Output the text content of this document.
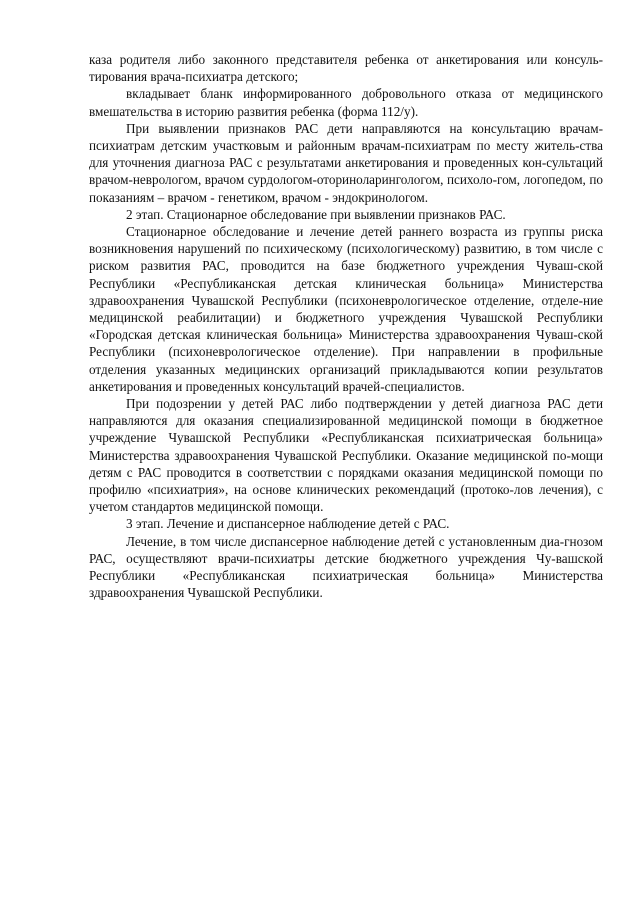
каза родителя либо законного представителя ребенка от анкетирования или консуль-тирования врача-психиатра детского;

вкладывает бланк информированного добровольного отказа от медицинского вмешательства в историю развития ребенка (форма 112/у).

При выявлении признаков РАС дети направляются на консультацию врачам-психиатрам детским участковым и районным врачам-психиатрам по месту житель-ства для уточнения диагноза РАС с результатами анкетирования и проведенных кон-сультаций врачом-неврологом, врачом сурдологом-оториноларингологом, психоло-гом, логопедом, по показаниям – врачом - генетиком, врачом - эндокринологом.

2 этап. Стационарное обследование при выявлении признаков РАС.

Стационарное обследование и лечение детей раннего возраста из группы риска возникновения нарушений по психическому (психологическому) развитию, в том числе с риском развития РАС, проводится на базе бюджетного учреждения Чуваш-ской Республики «Республиканская детская клиническая больница» Министерства здравоохранения Чувашской Республики (психоневрологическое отделение, отделе-ние медицинской реабилитации) и бюджетного учреждения Чувашской Республики «Городская детская клиническая больница» Министерства здравоохранения Чуваш-ской Республики (психоневрологическое отделение). При направлении в профильные отделения указанных медицинских организаций прикладываются копии результатов анкетирования и проведенных консультаций врачей-специалистов.

При подозрении у детей РАС либо подтверждении у детей диагноза РАС дети направляются для оказания специализированной медицинской помощи в бюджетное учреждение Чувашской Республики «Республиканская психиатрическая больница» Министерства здравоохранения Чувашской Республики. Оказание медицинской по-мощи детям с РАС проводится в соответствии с порядками оказания медицинской помощи по профилю «психиатрия», на основе клинических рекомендаций (протоко-лов лечения), с учетом стандартов медицинской помощи.

3 этап. Лечение и диспансерное наблюдение детей с РАС.

Лечение, в том числе диспансерное наблюдение детей с установленным диа-гнозом РАС, осуществляют врачи-психиатры детские бюджетного учреждения Чу-вашской Республики «Республиканская психиатрическая больница» Министерства здравоохранения Чувашской Республики.
